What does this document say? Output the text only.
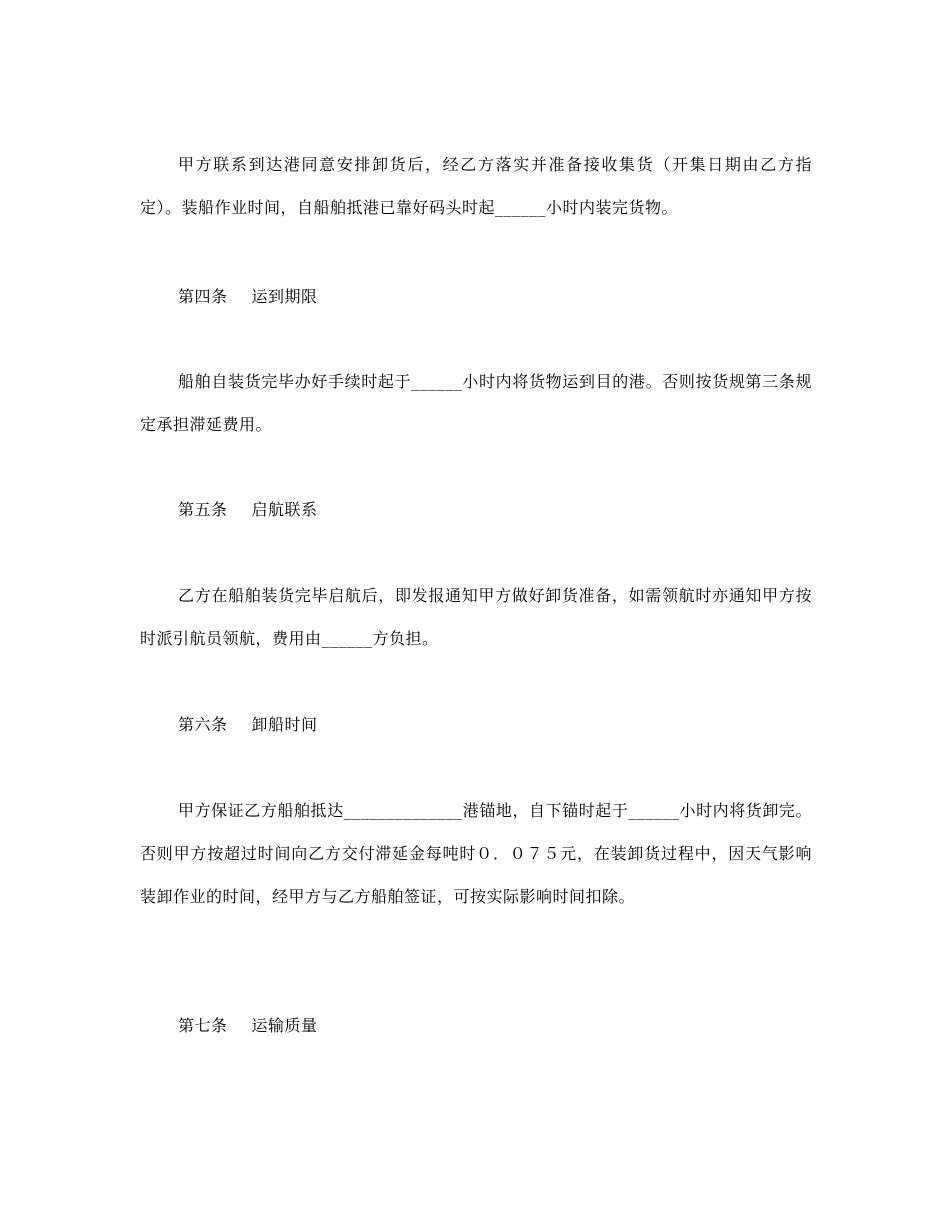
甲方联系到达港同意安排卸货后，经乙方落实并准备接收集货（开集日期由乙方指定）。装船作业时间，自船舶抵港已靠好码头时起______小时内装完货物。

第四条 运到期限

船舶自装货完毕办好手续时起于______小时内将货物运到目的港。否则按货规第三条规定承担滞延费用。

第五条 启航联系

乙方在船舶装货完毕启航后，即发报通知甲方做好卸货准备，如需领航时亦通知甲方按时派引航员领航，费用由______方负担。

第六条 卸船时间

甲方保证乙方船舶抵达______________港锚地，自下锚时起于______小时内将货卸完。否则甲方按超过时间向乙方交付滞延金每吨时０．０７５元，在装卸货过程中，因天气影响装卸作业的时间，经甲方与乙方船舶签证，可按实际影响时间扣除。

第七条 运输质量
